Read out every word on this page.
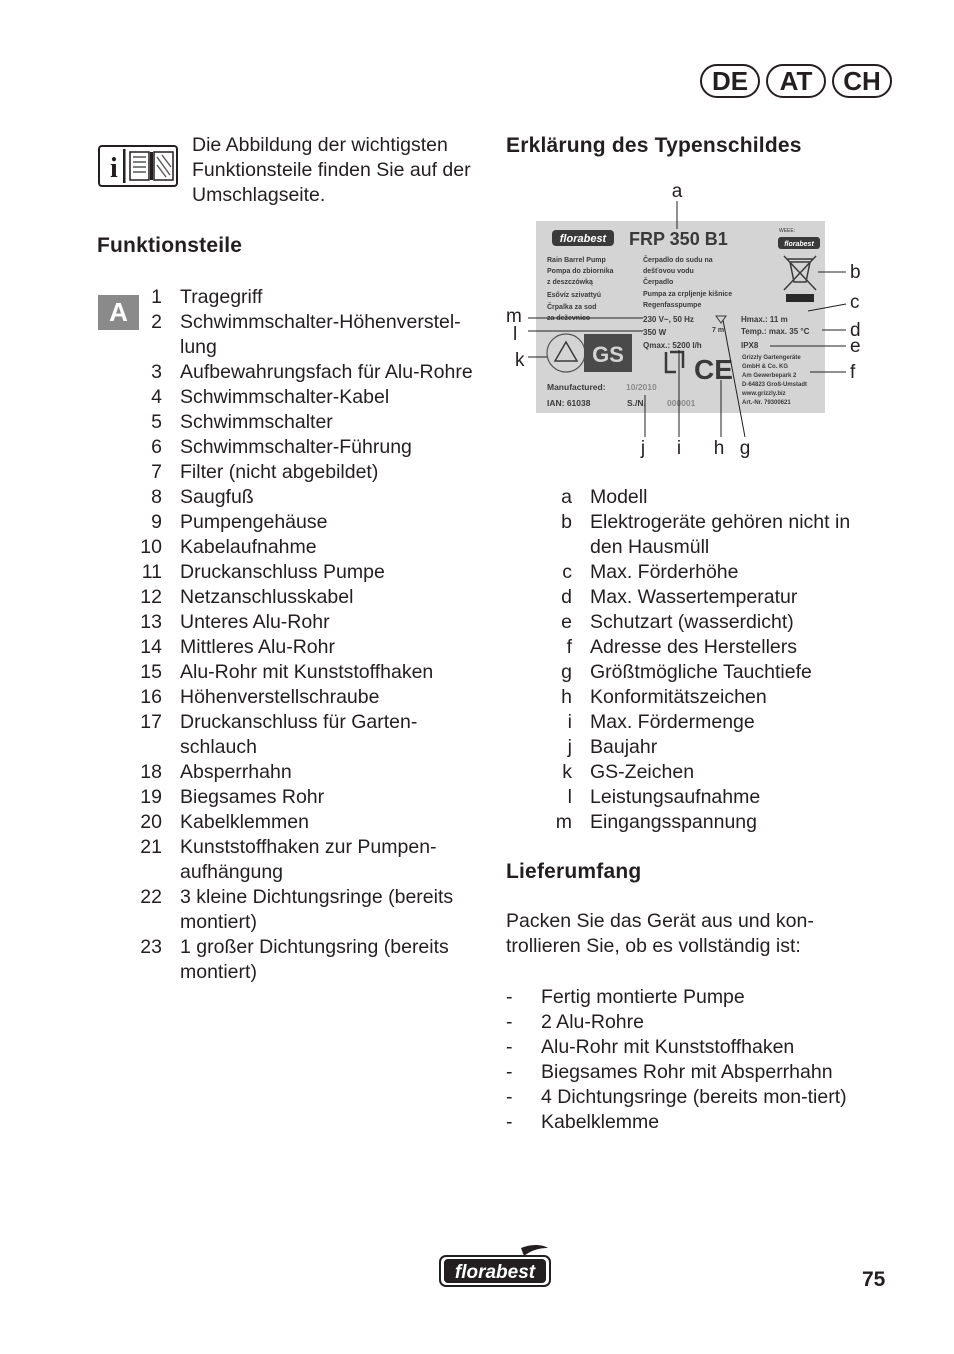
DE	AT	CH
i
Die Abbildung der wichtigsten Funktionsteile finden Sie auf der Umschlagseite.
Funktionsteile
A	1 Tragegriff
2 Schwimmschalter-Höhenverstel-lung
3 Aufbewahrungsfach für Alu-Rohre
4 Schwimmschalter-Kabel
5 Schwimmschalter
6 Schwimmschalter-Führung
7 Filter (nicht abgebildet)
8 Saugfuß
9 Pumpengehäuse
10 Kabelaufnahme
11 Druckanschluss Pumpe
12 Netzanschlusskabel
13 Unteres Alu-Rohr
14 Mittleres Alu-Rohr
15 Alu-Rohr mit Kunststoffhaken
16 Höhenverstellschraube
17 Druckanschluss für Garten-schlauch
18 Absperrhahn
19 Biegsames Rohr
20 Kabelklemmen
21 Kunststoffhaken zur Pumpen-aufhängung
22 3 kleine Dichtungsringe (bereits montiert)
23 1 großer Dichtungsring (bereits montiert)
Erklärung des Typenschildes
florabest FRP 350 B1	WEEE:
florabest
Rain Barrel Pump
Pompa do zbiornika
z deszczówką
Esővíz szivattyú
Črpalka za sod
za deževnico
Čerpadlo do sudu na
dešťovou vodu
Čerpadlo
Pumpa za crpljenje kišnice
Regenfasspumpe
230 V~, 50 Hz
350 W
Qmax.: 5200 l/h
7 m
Hmax.: 11 m
Temp.: max. 35 °C
IPX8
Grizzly Gartengeräte
GmbH & Co. KG
Am Gewerbepark 2
D-64823 Groß-Umstadt
www.grizzly.biz
Art.-Nr. 79300621
GS	CE
Manufactured: 10/2010
IAN: 61038	S./N. 000001
a
b
c
d
e
f
g
h
i
j
k
l
m
a Modell
b Elektrogeräte gehören nicht in den Hausmüll
c Max. Förderhöhe
d Max. Wassertemperatur
e Schutzart (wasserdicht)
f Adresse des Herstellers
g Größtmögliche Tauchtiefe
h Konformitätszeichen
i Max. Fördermenge
j Baujahr
k GS-Zeichen
l Leistungsaufnahme
m Eingangsspannung
Lieferumfang
Packen Sie das Gerät aus und kon-trollieren Sie, ob es vollständig ist:
-	Fertig montierte Pumpe
-	2 Alu-Rohre
-	Alu-Rohr mit Kunststoffhaken
-	Biegsames Rohr mit Absperrhahn
-	4 Dichtungsringe (bereits mon-tiert)
-	Kabelklemme
florabest	75
